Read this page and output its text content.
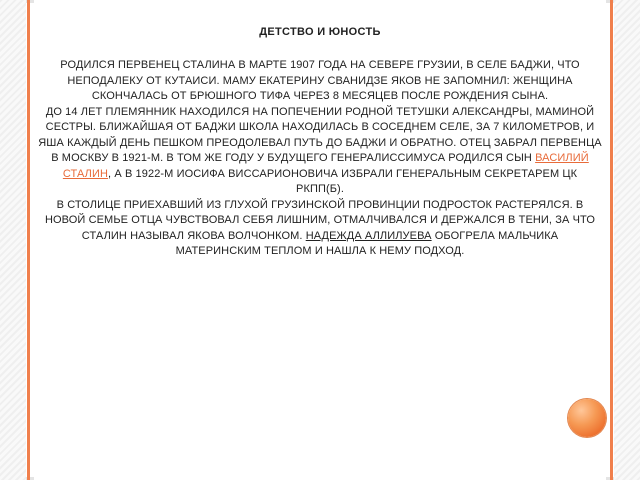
ДЕТСТВО И ЮНОСТЬ

РОДИЛСЯ ПЕРВЕНЕЦ СТАЛИНА В МАРТЕ 1907 ГОДА НА СЕВЕРЕ ГРУЗИИ, В СЕЛЕ БАДЖИ, ЧТО НЕПОДАЛЕКУ ОТ КУТАИСИ. МАМУ ЕКАТЕРИНУ СВАНИДЗЕ ЯКОВ НЕ ЗАПОМНИЛ: ЖЕНЩИНА СКОНЧАЛАСЬ ОТ БРЮШНОГО ТИФА ЧЕРЕЗ 8 МЕСЯЦЕВ ПОСЛЕ РОЖДЕНИЯ СЫНА.

ДО 14 ЛЕТ ПЛЕМЯННИК НАХОДИЛСЯ НА ПОПЕЧЕНИИ РОДНОЙ ТЕТУШКИ АЛЕКСАНДРЫ, МАМИНОЙ СЕСТРЫ. БЛИЖАЙШАЯ ОТ БАДЖИ ШКОЛА НАХОДИЛАСЬ В СОСЕДНЕМ СЕЛЕ, ЗА 7 КИЛОМЕТРОВ, И ЯША КАЖДЫЙ ДЕНЬ ПЕШКОМ ПРЕОДОЛЕВАЛ ПУТЬ ДО БАДЖИ И ОБРАТНО. ОТЕЦ ЗАБРАЛ ПЕРВЕНЦА В МОСКВУ В 1921-М. В ТОМ ЖЕ ГОДУ У БУДУЩЕГО ГЕНЕРАЛИССИМУСА РОДИЛСЯ СЫН ВАСИЛИЙ СТАЛИН, А В 1922-М ИОСИФА ВИССАРИОНОВИЧА ИЗБРАЛИ ГЕНЕРАЛЬНЫМ СЕКРЕТАРЕМ ЦК РКПП(Б).

В СТОЛИЦЕ ПРИЕХАВШИЙ ИЗ ГЛУХОЙ ГРУЗИНСКОЙ ПРОВИНЦИИ ПОДРОСТОК РАСТЕРЯЛСЯ. В НОВОЙ СЕМЬЕ ОТЦА ЧУВСТВОВАЛ СЕБЯ ЛИШНИМ, ОТМАЛЧИВАЛСЯ И ДЕРЖАЛСЯ В ТЕНИ, ЗА ЧТО СТАЛИН НАЗЫВАЛ ЯКОВА ВОЛЧОНКОМ. НАДЕЖДА АЛЛИЛУЕВА ОБОГРЕЛА МАЛЬЧИКА МАТЕРИНСКИМ ТЕПЛОМ И НАШЛА К НЕМУ ПОДХОД.
